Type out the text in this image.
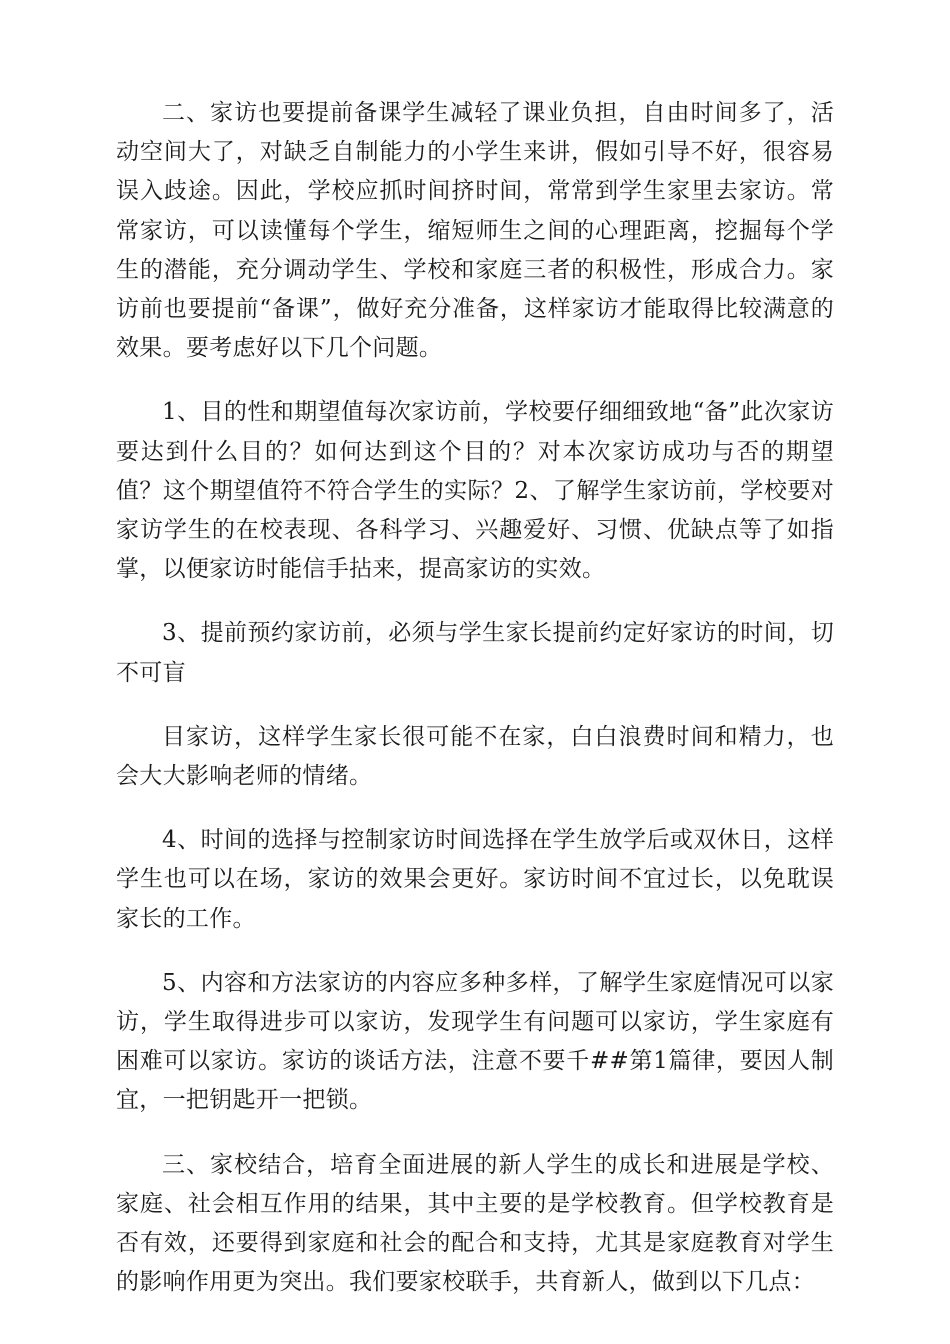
二、家访也要提前备课学生减轻了课业负担，自由时间多了，活动空间大了，对缺乏自制能力的小学生来讲，假如引导不好，很容易误入歧途。因此，学校应抓时间挤时间，常常到学生家里去家访。常常家访，可以读懂每个学生，缩短师生之间的心理距离，挖掘每个学生的潜能，充分调动学生、学校和家庭三者的积极性，形成合力。家访前也要提前“备课”，做好充分准备，这样家访才能取得比较满意的效果。要考虑好以下几个问题。

1、目的性和期望值每次家访前，学校要仔细细致地“备”此次家访要达到什么目的？如何达到这个目的？对本次家访成功与否的期望值？这个期望值符不符合学生的实际？2、了解学生家访前，学校要对家访学生的在校表现、各科学习、兴趣爱好、习惯、优缺点等了如指掌，以便家访时能信手拈来，提高家访的实效。

3、提前预约家访前，必须与学生家长提前约定好家访的时间，切不可盲

目家访，这样学生家长很可能不在家，白白浪费时间和精力，也会大大影响老师的情绪。

4、时间的选择与控制家访时间选择在学生放学后或双休日，这样学生也可以在场，家访的效果会更好。家访时间不宜过长，以免耽误家长的工作。

5、内容和方法家访的内容应多种多样，了解学生家庭情况可以家访，学生取得进步可以家访，发现学生有问题可以家访，学生家庭有困难可以家访。家访的谈话方法，注意不要千##第1篇律，要因人制宜，一把钥匙开一把锁。

三、家校结合，培育全面进展的新人学生的成长和进展是学校、家庭、社会相互作用的结果，其中主要的是学校教育。但学校教育是否有效，还要得到家庭和社会的配合和支持，尤其是家庭教育对学生的影响作用更为突出。我们要家校联手，共育新人，做到以下几点：
